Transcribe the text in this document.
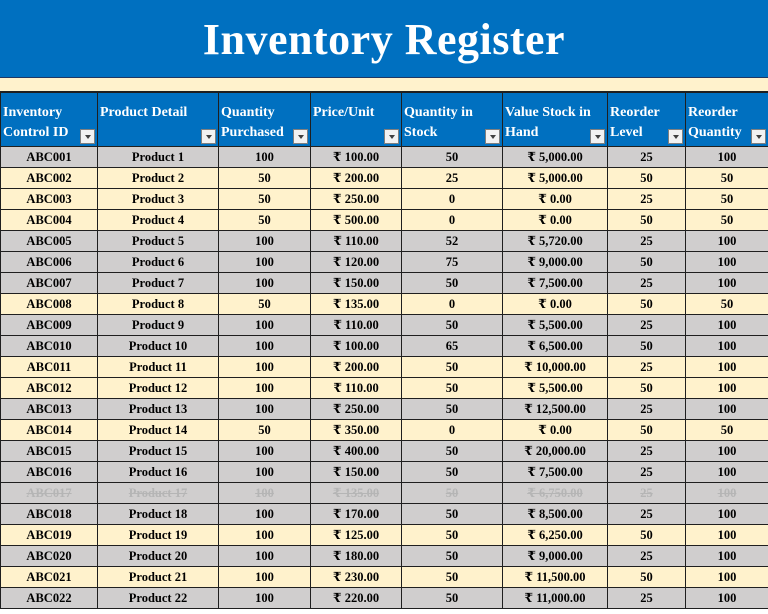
Inventory Register
Inventory Control ID	Product Detail	Quantity Purchased	Price/Unit	Quantity in Stock	Value Stock in Hand	Reorder Level	Reorder Quantity

ABC001	Product 1	100	₹ 100.00	50	₹ 5,000.00	25	100
ABC002	Product 2	50	₹ 200.00	25	₹ 5,000.00	50	50
ABC003	Product 3	50	₹ 250.00	0	₹ 0.00	25	50
ABC004	Product 4	50	₹ 500.00	0	₹ 0.00	50	50
ABC005	Product 5	100	₹ 110.00	52	₹ 5,720.00	25	100
ABC006	Product 6	100	₹ 120.00	75	₹ 9,000.00	50	100
ABC007	Product 7	100	₹ 150.00	50	₹ 7,500.00	25	100
ABC008	Product 8	50	₹ 135.00	0	₹ 0.00	50	50
ABC009	Product 9	100	₹ 110.00	50	₹ 5,500.00	25	100
ABC010	Product 10	100	₹ 100.00	65	₹ 6,500.00	50	100
ABC011	Product 11	100	₹ 200.00	50	₹ 10,000.00	25	100
ABC012	Product 12	100	₹ 110.00	50	₹ 5,500.00	50	100
ABC013	Product 13	100	₹ 250.00	50	₹ 12,500.00	25	100
ABC014	Product 14	50	₹ 350.00	0	₹ 0.00	50	50
ABC015	Product 15	100	₹ 400.00	50	₹ 20,000.00	25	100
ABC016	Product 16	100	₹ 150.00	50	₹ 7,500.00	25	100
ABC017	Product 17	100	₹ 135.00	50	₹ 6,750.00	25	100
ABC018	Product 18	100	₹ 170.00	50	₹ 8,500.00	25	100
ABC019	Product 19	100	₹ 125.00	50	₹ 6,250.00	50	100
ABC020	Product 20	100	₹ 180.00	50	₹ 9,000.00	25	100
ABC021	Product 21	100	₹ 230.00	50	₹ 11,500.00	50	100
ABC022	Product 22	100	₹ 220.00	50	₹ 11,000.00	25	100
